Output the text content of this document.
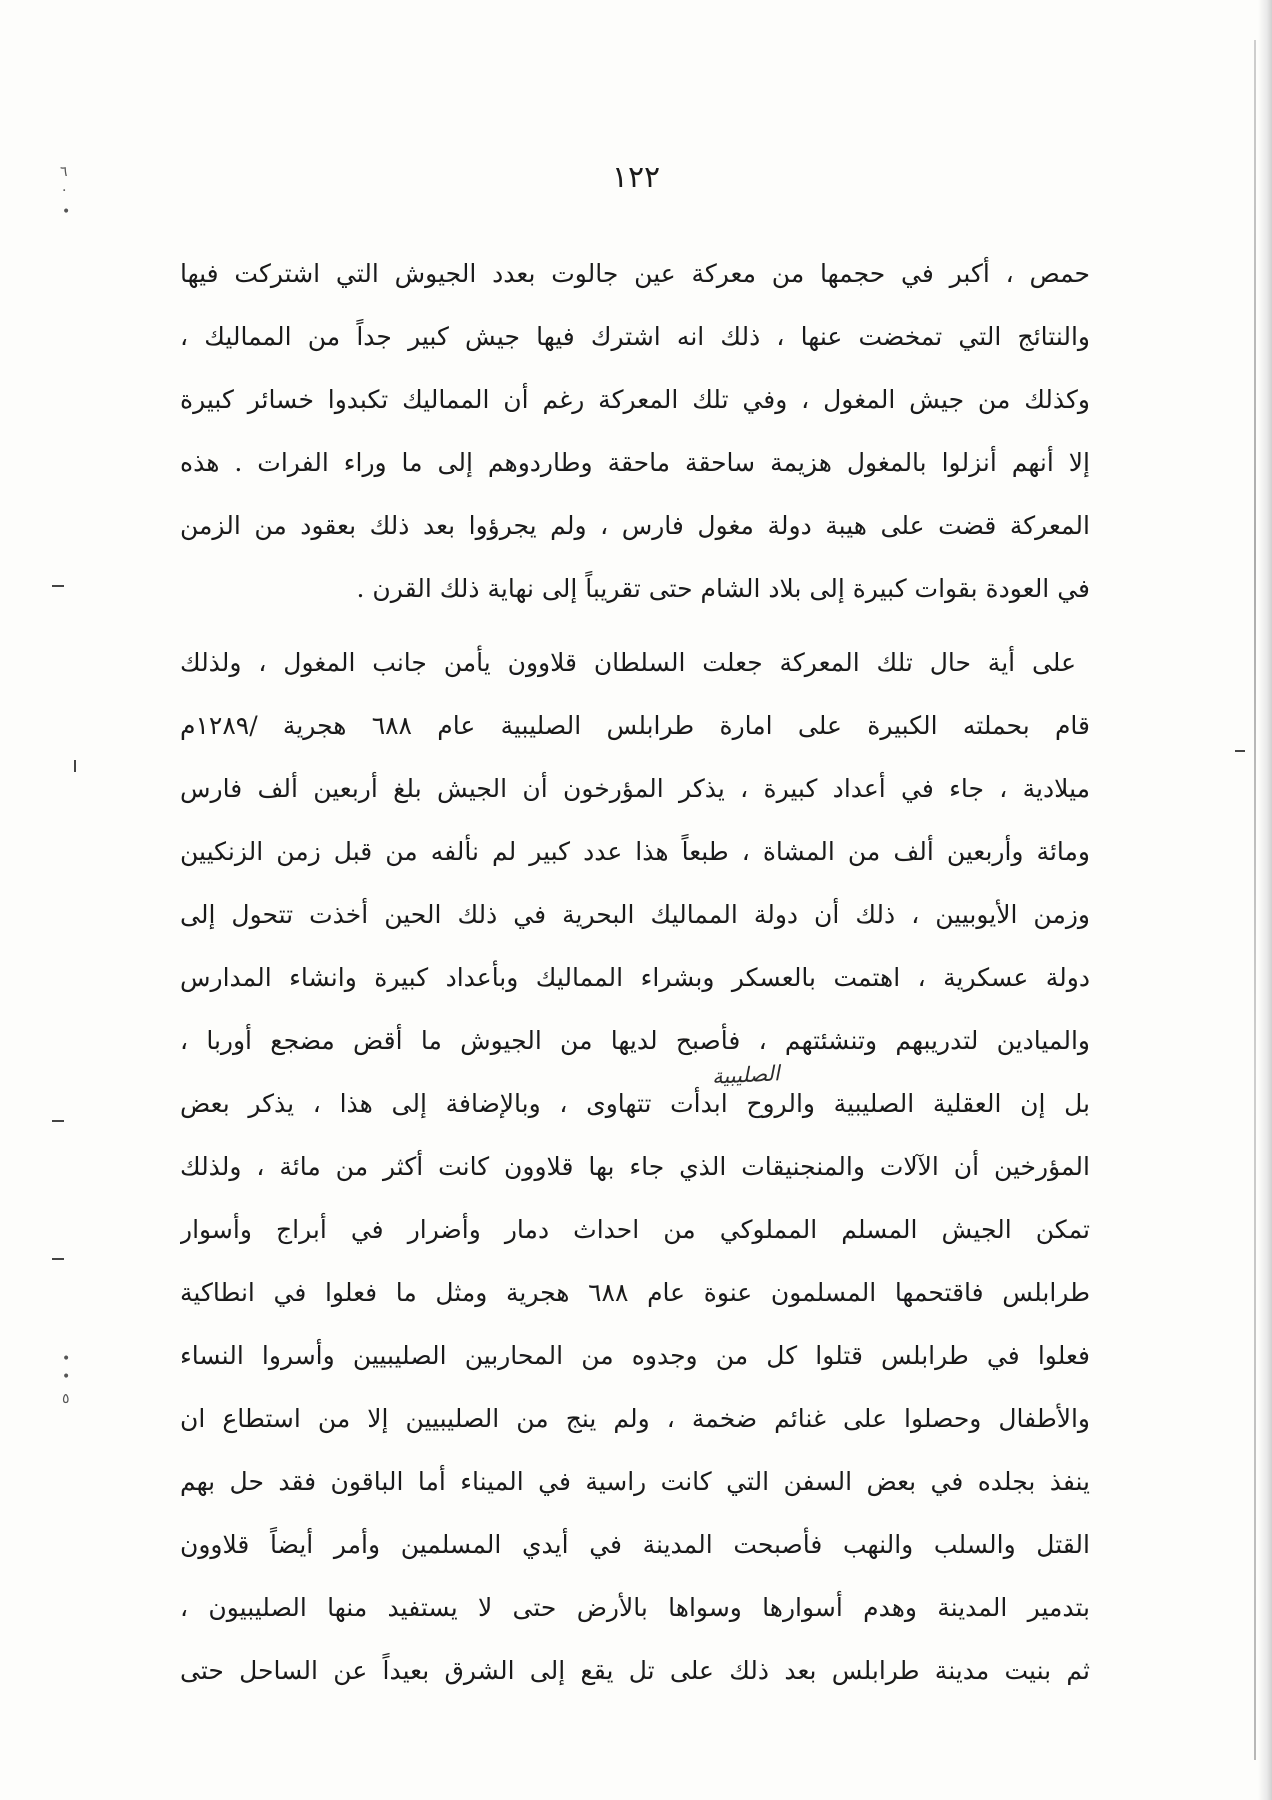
٦
·
•
•
•
٥
١٢٢
حمص ، أكبر في حجمها من معركة عين جالوت بعدد الجيوش التي اشتركت فيها
والنتائج التي تمخضت عنها ، ذلك انه اشترك فيها جيش كبير جداً من المماليك ،
وكذلك من جيش المغول ، وفي تلك المعركة رغم أن المماليك تكبدوا خسائر كبيرة
إلا أنهم أنزلوا بالمغول هزيمة ساحقة ماحقة وطاردوهم إلى ما وراء الفرات . هذه
المعركة قضت على هيبة دولة مغول فارس ، ولم يجرؤوا بعد ذلك بعقود من الزمن
في العودة بقوات كبيرة إلى بلاد الشام حتى تقريباً إلى نهاية ذلك القرن .
على أية حال تلك المعركة جعلت السلطان قلاوون يأمن جانب المغول ، ولذلك
قام بحملته الكبيرة على امارة طرابلس الصليبية عام ٦٨٨ هجرية /١٢٨٩م
ميلادية ، جاء في أعداد كبيرة ، يذكر المؤرخون أن الجيش بلغ أربعين ألف فارس
ومائة وأربعين ألف من المشاة ، طبعاً هذا عدد كبير لم نألفه من قبل زمن الزنكيين
وزمن الأيوبيين ، ذلك أن دولة المماليك البحرية في ذلك الحين أخذت تتحول إلى
دولة عسكرية ، اهتمت بالعسكر وبشراء المماليك وبأعداد كبيرة وانشاء المدارس
والميادين لتدريبهم وتنشئتهم ، فأصبح لديها من الجيوش ما أقض مضجع أوربا ،
بل إن العقلية الصليبية والروح ابدأت تتهاوى ، وبالإضافة إلى هذا ، يذكر بعض
المؤرخين أن الآلات والمنجنيقات الذي جاء بها قلاوون كانت أكثر من مائة ، ولذلك
تمكن الجيش المسلم المملوكي من احداث دمار وأضرار في أبراج وأسوار
طرابلس فاقتحمها المسلمون عنوة عام ٦٨٨ هجرية ومثل ما فعلوا في انطاكية
فعلوا في طرابلس قتلوا كل من وجدوه من المحاربين الصليبيين وأسروا النساء
والأطفال وحصلوا على غنائم ضخمة ، ولم ينج من الصليبيين إلا من استطاع ان
ينفذ بجلده في بعض السفن التي كانت راسية في الميناء أما الباقون فقد حل بهم
القتل والسلب والنهب فأصبحت المدينة في أيدي المسلمين وأمر أيضاً قلاوون
بتدمير المدينة وهدم أسوارها وسواها بالأرض حتى لا يستفيد منها الصليبيون ،
ثم بنيت مدينة طرابلس بعد ذلك على تل يقع إلى الشرق بعيداً عن الساحل حتى
الصليبية
